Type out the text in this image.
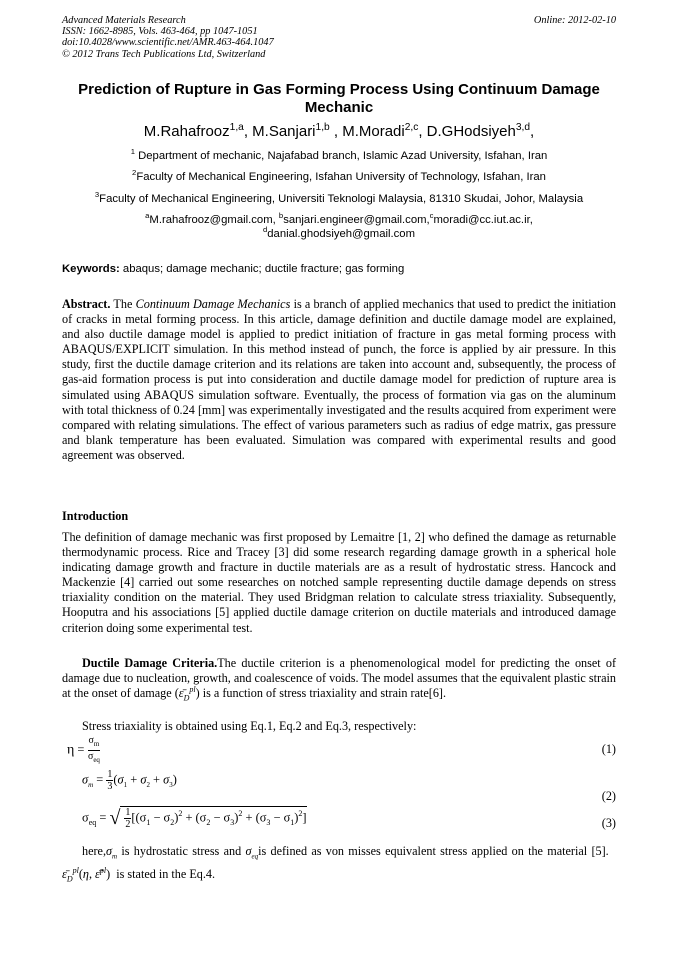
Advanced Materials Research
ISSN: 1662-8985, Vols. 463-464, pp 1047-1051
doi:10.4028/www.scientific.net/AMR.463-464.1047
© 2012 Trans Tech Publications Ltd, Switzerland
Online: 2012-02-10
Prediction of Rupture in Gas Forming Process Using Continuum Damage Mechanic
M.Rahafrooz$^{1,a}$, M.Sanjari$^{1,b}$ , M.Moradi$^{2,c}$, D.GHodsiyeh$^{3,d}$,
$^1$ Department of mechanic, Najafabad branch, Islamic Azad University, Isfahan, Iran
$^2$Faculty of Mechanical Engineering, Isfahan University of Technology, Isfahan, Iran
$^3$Faculty of Mechanical Engineering, Universiti Teknologi Malaysia, 81310 Skudai, Johor, Malaysia
$^a$M.rahafrooz@gmail.com, $^b$sanjari.engineer@gmail.com,$^c$moradi@cc.iut.ac.ir,
$^d$danial.ghodsiyeh@gmail.com
Keywords: abaqus; damage mechanic; ductile fracture; gas forming
Abstract. The Continuum Damage Mechanics is a branch of applied mechanics that used to predict the initiation of cracks in metal forming process. In this article, damage definition and ductile damage model are explained, and also ductile damage model is applied to predict initiation of fracture in gas metal forming process with ABAQUS/EXPLICIT simulation. In this method instead of punch, the force is applied by air pressure. In this study, first the ductile damage criterion and its relations are taken into account and, subsequently, the process of gas-aid formation process is put into consideration and ductile damage model for prediction of rupture area is simulated using ABAQUS simulation software. Eventually, the process of formation via gas on the aluminum with total thickness of 0.24 [mm] was experimentally investigated and the results acquired from experiment were compared with relating simulations. The effect of various parameters such as radius of edge matrix, gas pressure and blank temperature has been evaluated. Simulation was compared with experimental results and good agreement was observed.
Introduction
The definition of damage mechanic was first proposed by Lemaitre [1, 2] who defined the damage as returnable thermodynamic process. Rice and Tracey [3] did some research regarding damage growth in a spherical hole indicating damage growth and fracture in ductile materials are as a result of hydrostatic stress. Hancock and Mackenzie [4] carried out some researches on notched sample representing ductile damage depends on stress triaxiality condition on the material. They used Bridgman relation to calculate stress triaxiality. Subsequently, Hooputra and his associations [5] applied ductile damage criterion on ductile materials and introduced damage criterion doing some experimental test.
Ductile Damage Criteria.The ductile criterion is a phenomenological model for predicting the onset of damage due to nucleation, growth, and coalescence of voids. The model assumes that the equivalent plastic strain at the onset of damage $(\varepsilon̄_D^{pl})$ is a function of stress triaxiality and strain rate[6].
Stress triaxiality is obtained using Eq.1, Eq.2 and Eq.3, respectively:
$\eta = \frac{\sigma_m}{\sigma_{eq}}$	(1)
$\sigma_m = \frac{1}{3} (\sigma_1 + \sigma_2 + \sigma_3)$
(2)
$\sigma_{eq}$ = √ $\frac{1}{2} [(\sigma_1 - \sigma_2)^2 + (\sigma_2 - \sigma_3)^2 + (\sigma_3 - \sigma_1)^2]$	(3)
$here,\sigma_m$ is hydrostatic stress and $\sigma_{eq}is$ defined as von misses equivalent stress applied on the material [5].   $\varepsilon̄_D^{pl}(\eta$, ε̄̇$^{pl}$)  is stated in the Eq.4.
